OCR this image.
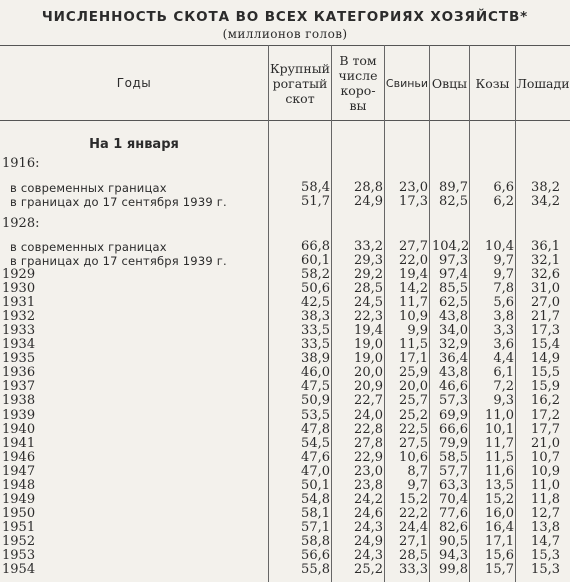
ЧИСЛЕННОСТЬ СКОТА ВО ВСЕХ КАТЕГОРИЯХ ХОЗЯЙСТВ*
(миллионов голов)
Годы
Крупный рогатый скот
В том числе коро-вы
Свиньи Овцы Козы Лошади
На 1 января
1916:
в современных границах	58,4	28,8	23,0 89,7	6,6	38,2
в границах до 17 сентября 1939 г.	51,7	24,9	17,3 82,5	6,2	34,2
1928:
в современных границах	66,8	33,2	27,7 104,2	10,4	36,1
в границах до 17 сентября 1939 г.	60,1	29,3	22,0 97,3	9,7	32,1
1929	58,2	29,2	19,4 97,4	9,7	32,6
1930	50,6	28,5	14,2 85,5	7,8	31,0
1931	42,5	24,5	11,7 62,5	5,6	27,0
1932	38,3	22,3	10,9 43,8	3,8	21,7
1933	33,5	19,4	9,9 34,0	3,3	17,3
1934	33,5	19,0	11,5 32,9	3,6	15,4
1935	38,9	19,0	17,1 36,4	4,4	14,9
1936	46,0	20,0	25,9 43,8	6,1	15,5
1937	47,5	20,9	20,0 46,6	7,2	15,9
1938	50,9	22,7	25,7 57,3	9,3	16,2
1939	53,5	24,0	25,2 69,9	11,0	17,2
1940	47,8	22,8	22,5 66,6	10,1	17,7
1941	54,5	27,8	27,5 79,9	11,7	21,0
1946	47,6	22,9	10,6 58,5	11,5	10,7
1947	47,0	23,0	8,7 57,7	11,6	10,9
1948	50,1	23,8	9,7 63,3	13,5	11,0
1949	54,8	24,2	15,2 70,4	15,2	11,8
1950	58,1	24,6	22,2 77,6	16,0	12,7
1951	57,1	24,3	24,4 82,6	16,4	13,8
1952	58,8	24,9	27,1 90,5	17,1	14,7
1953	56,6	24,3	28,5 94,3	15,6	15,3
1954	55,8	25,2	33,3 99,8	15,7	15,3
